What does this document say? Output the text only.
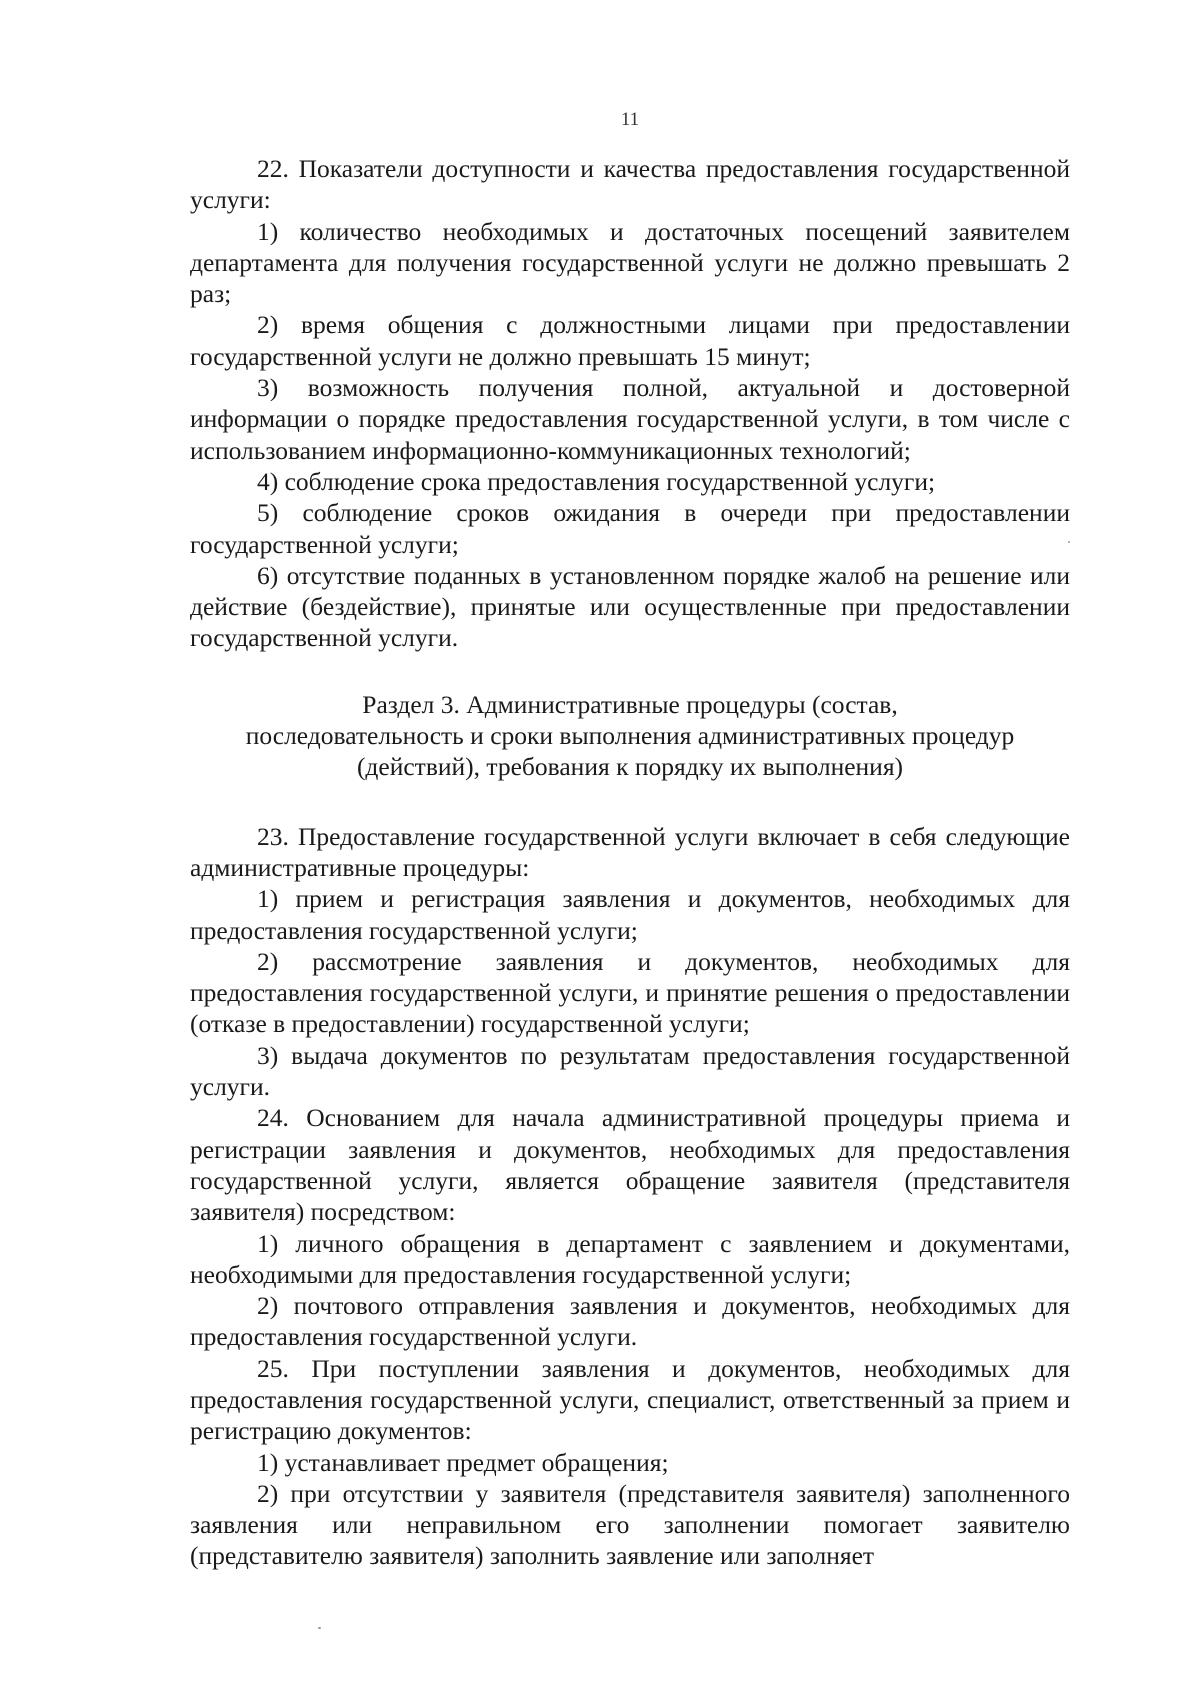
11

22. Показатели доступности и качества предоставления государственной услуги:

1) количество необходимых и достаточных посещений заявителем департамента для получения государственной услуги не должно превышать 2 раз;

2) время общения с должностными лицами при предоставлении государственной услуги не должно превышать 15 минут;

3) возможность получения полной, актуальной и достоверной информации о порядке предоставления государственной услуги, в том числе с использованием информационно-коммуникационных технологий;

4) соблюдение срока предоставления государственной услуги;

5) соблюдение сроков ожидания в очереди при предоставлении государственной услуги;

6) отсутствие поданных в установленном порядке жалоб на решение или действие (бездействие), принятые или осуществленные при предоставлении государственной услуги.

Раздел 3. Административные процедуры (состав,
последовательность и сроки выполнения административных процедур
(действий), требования к порядку их выполнения)

23. Предоставление государственной услуги включает в себя следующие административные процедуры:

1) прием и регистрация заявления и документов, необходимых для предоставления государственной услуги;

2) рассмотрение заявления и документов, необходимых для предоставления государственной услуги, и принятие решения о предоставлении (отказе в предоставлении) государственной услуги;

3) выдача документов по результатам предоставления государственной услуги.

24. Основанием для начала административной процедуры приема и регистрации заявления и документов, необходимых для предоставления государственной услуги, является обращение заявителя (представителя заявителя) посредством:

1) личного обращения в департамент с заявлением и документами, необходимыми для предоставления государственной услуги;

2) почтового отправления заявления и документов, необходимых для предоставления государственной услуги.

25. При поступлении заявления и документов, необходимых для предоставления государственной услуги, специалист, ответственный за прием и регистрацию документов:

1) устанавливает предмет обращения;

2) при отсутствии у заявителя (представителя заявителя) заполненного заявления или неправильном его заполнении помогает заявителю (представителю заявителя) заполнить заявление или заполняет
